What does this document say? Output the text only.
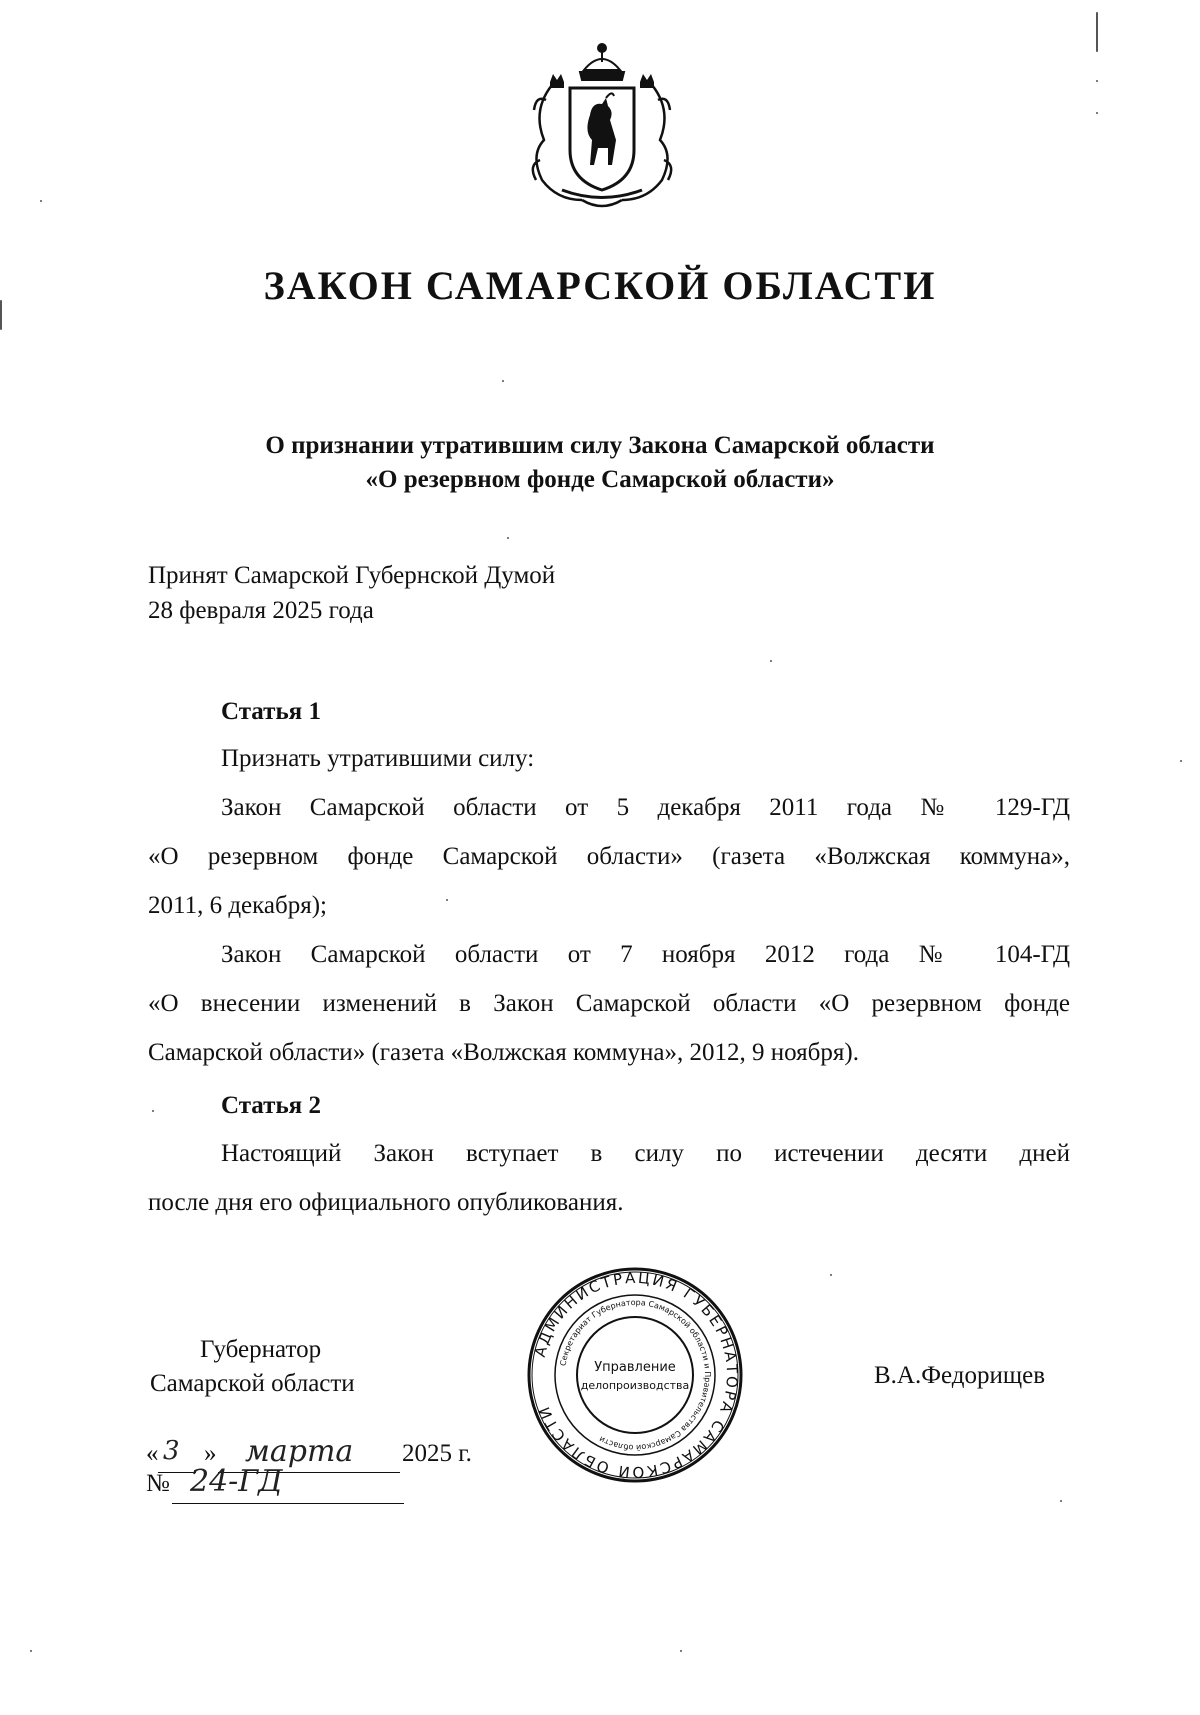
ЗАКОН САМАРСКОЙ ОБЛАСТИ
О признании утратившим силу Закона Самарской области
«О резервном фонде Самарской области»
Принят Самарской Губернской Думой
28 февраля 2025 года
Статья 1
Признать утратившими силу:
Закон Самарской области от 5 декабря 2011 года № 129-ГД
«О резервном фонде Самарской области» (газета «Волжская коммуна»,
2011, 6 декабря);
Закон Самарской области от 7 ноября 2012 года № 104-ГД
«О внесении изменений в Закон Самарской области «О резервном фонде
Самарской области» (газета «Волжская коммуна», 2012, 9 ноября).
Статья 2
Настоящий Закон вступает в силу по истечении десяти дней
после дня его официального опубликования.
Губернатор
Самарской области	В.А.Федорищев
« 3 » марта 2025 г.
№ 24-ГД
АДМИНИСТРАЦИЯ ГУБЕРНАТОРА САМАРСКОЙ ОБЛАСТИ
Секретариат Губернатора Самарской области и Правительства Самарской области
Управление
делопроизводства
